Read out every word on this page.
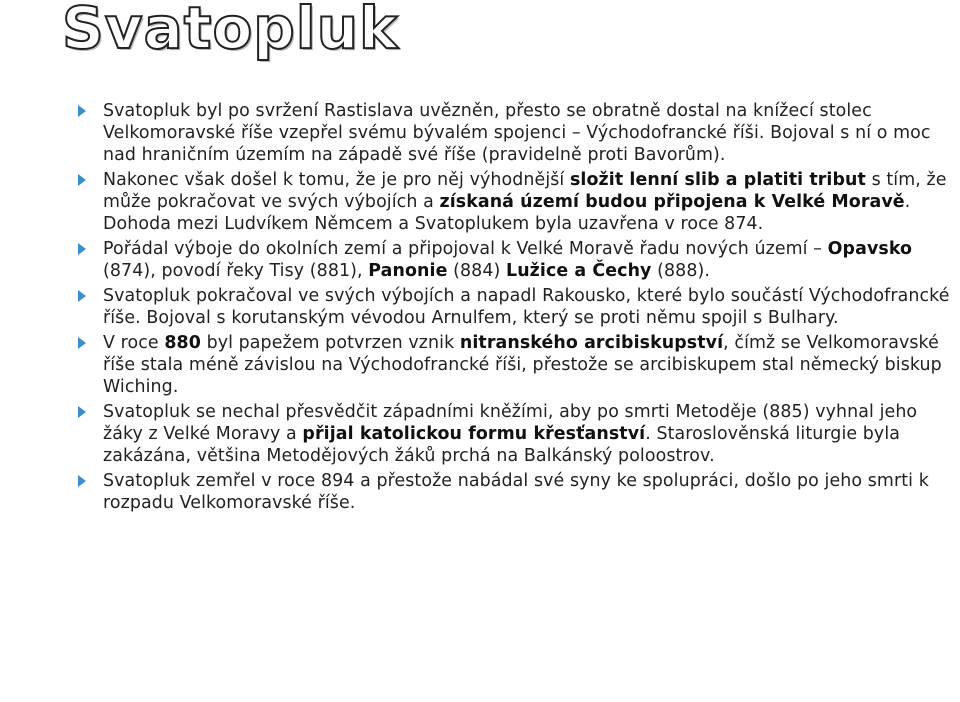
Svatopluk
Svatopluk byl po svržení Rastislava uvězněn, přesto se obratně dostal na knížecí stolec Velkomoravské říše vzepřel svému bývalém spojenci – Východofrancké říši. Bojoval s ní o moc nad hraničním územím na západě své říše (pravidelně proti Bavorům).
Nakonec však došel k tomu, že je pro něj výhodnější složit lenní slib a platiti tribut s tím, že může pokračovat ve svých výbojích a získaná území budou připojena k Velké Moravě. Dohoda mezi Ludvíkem Němcem a Svatoplukem byla uzavřena v roce 874.
Pořádal výboje do okolních zemí a připojoval k Velké Moravě řadu nových území – Opavsko (874), povodí řeky Tisy (881), Panonie (884) Lužice a Čechy (888).
Svatopluk pokračoval ve svých výbojích a napadl Rakousko, které bylo součástí Východofrancké říše. Bojoval s korutanským vévodou Arnulfem, který se proti němu spojil s Bulhary.
V roce 880 byl papežem potvrzen vznik nitranského arcibiskupství, čímž se Velkomoravské říše stala méně závislou na Východofrancké říši, přestože se arcibiskupem stal německý biskup Wiching.
Svatopluk se nechal přesvědčit západními kněžími, aby po smrti Metoděje (885) vyhnal jeho žáky z Velké Moravy a přijal katolickou formu křesťanství. Staroslověnská liturgie byla zakázána, většina Metodějových žáků prchá na Balkánský poloostrov.
Svatopluk zemřel v roce 894 a přestože nabádal své syny ke spolupráci, došlo po jeho smrti k rozpadu Velkomoravské říše.
